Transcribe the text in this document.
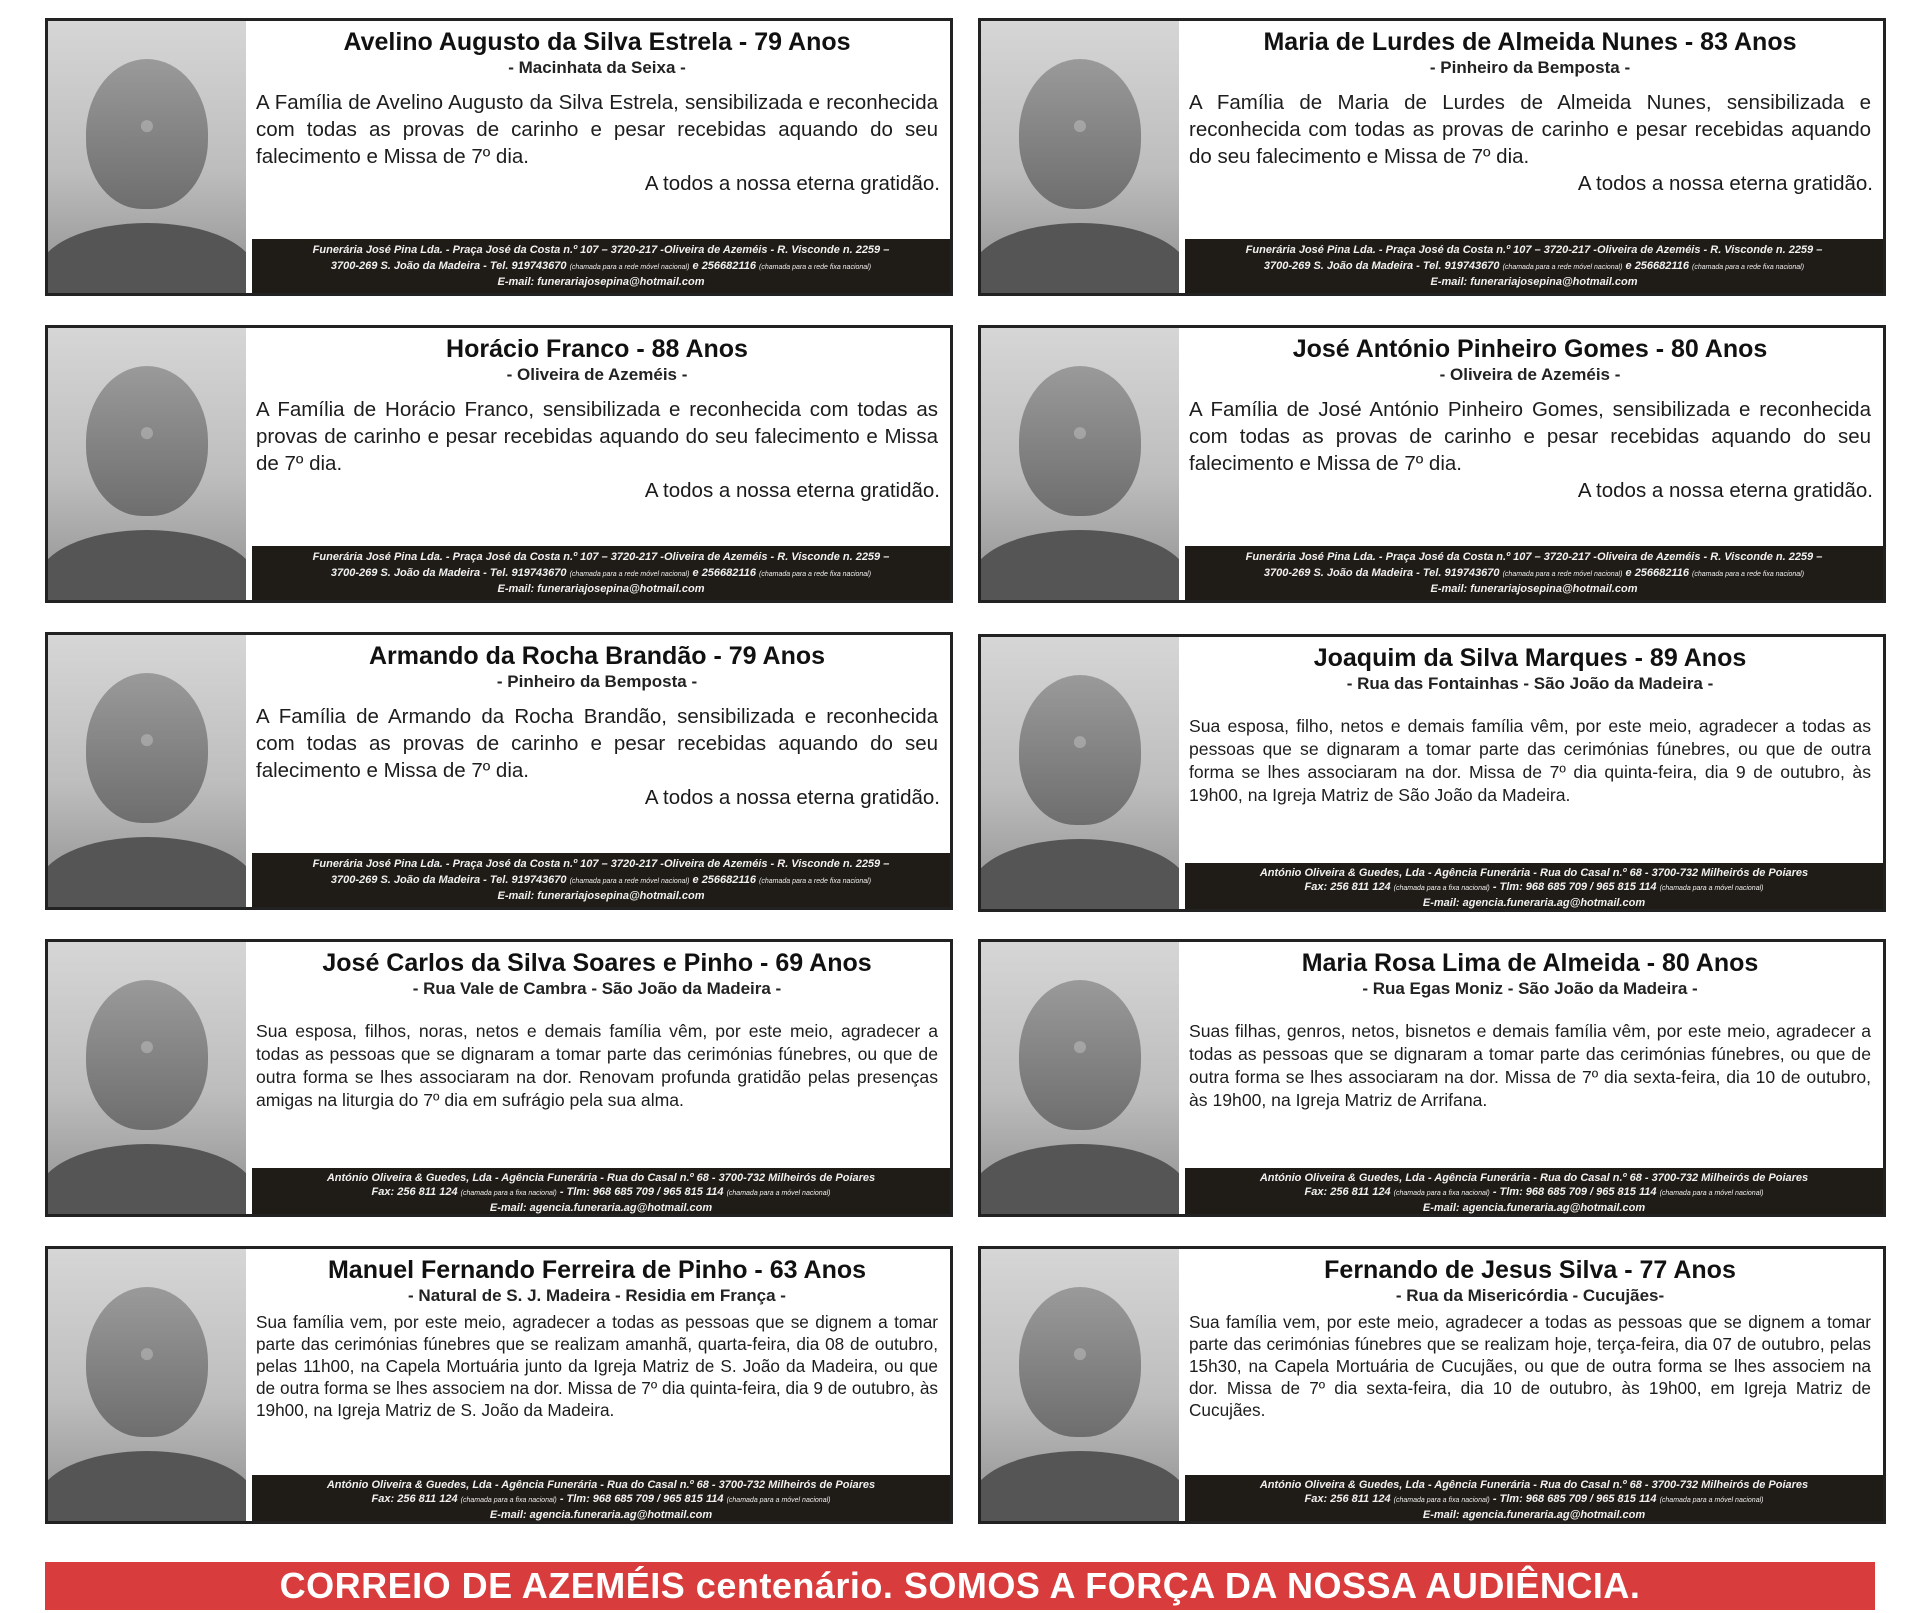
●
Avelino Augusto da Silva Estrela - 79 Anos
- Macinhata da Seixa -
A Família de Avelino Augusto da Silva Estrela, sensibilizada e reconhecida com todas as provas de carinho e pesar recebidas aquando do seu falecimento e Missa de 7º dia.
A todos a nossa eterna gratidão.
Funerária José Pina Lda. - Praça José da Costa n.º 107 – 3720-217 -Oliveira de Azeméis - R. Visconde n. 2259 –
3700-269 S. João da Madeira - Tel. 919743670 (chamada para a rede móvel nacional) e 256682116 (chamada para a rede fixa nacional)
E-mail: funerariajosepina@hotmail.com
●
Maria de Lurdes de Almeida Nunes - 83 Anos
- Pinheiro da Bemposta -
A Família de Maria de Lurdes de Almeida Nunes, sensibilizada e reconhecida com todas as provas de carinho e pesar recebidas aquando do seu falecimento e Missa de 7º dia.
A todos a nossa eterna gratidão.
Funerária José Pina Lda. - Praça José da Costa n.º 107 – 3720-217 -Oliveira de Azeméis - R. Visconde n. 2259 –
3700-269 S. João da Madeira - Tel. 919743670 (chamada para a rede móvel nacional) e 256682116 (chamada para a rede fixa nacional)
E-mail: funerariajosepina@hotmail.com
●
Horácio Franco - 88 Anos
- Oliveira de Azeméis -
A Família de Horácio Franco, sensibilizada e reconhecida com todas as provas de carinho e pesar recebidas aquando do seu falecimento e Missa de 7º dia.
A todos a nossa eterna gratidão.
Funerária José Pina Lda. - Praça José da Costa n.º 107 – 3720-217 -Oliveira de Azeméis - R. Visconde n. 2259 –
3700-269 S. João da Madeira - Tel. 919743670 (chamada para a rede móvel nacional) e 256682116 (chamada para a rede fixa nacional)
E-mail: funerariajosepina@hotmail.com
●
José António Pinheiro Gomes - 80 Anos
- Oliveira de Azeméis -
A Família de José António Pinheiro Gomes, sensibilizada e reconhecida com todas as provas de carinho e pesar recebidas aquando do seu falecimento e Missa de 7º dia.
A todos a nossa eterna gratidão.
Funerária José Pina Lda. - Praça José da Costa n.º 107 – 3720-217 -Oliveira de Azeméis - R. Visconde n. 2259 –
3700-269 S. João da Madeira - Tel. 919743670 (chamada para a rede móvel nacional) e 256682116 (chamada para a rede fixa nacional)
E-mail: funerariajosepina@hotmail.com
●
Armando da Rocha Brandão - 79 Anos
- Pinheiro da Bemposta -
A Família de Armando da Rocha Brandão, sensibilizada e reconhecida com todas as provas de carinho e pesar recebidas aquando do seu falecimento e Missa de 7º dia.
A todos a nossa eterna gratidão.
Funerária José Pina Lda. - Praça José da Costa n.º 107 – 3720-217 -Oliveira de Azeméis - R. Visconde n. 2259 –
3700-269 S. João da Madeira - Tel. 919743670 (chamada para a rede móvel nacional) e 256682116 (chamada para a rede fixa nacional)
E-mail: funerariajosepina@hotmail.com
●
Joaquim da Silva Marques - 89 Anos
- Rua das Fontainhas - São João da Madeira -
Sua esposa, filho, netos e demais família vêm, por este meio, agradecer a todas as pessoas que se dignaram a tomar parte das cerimónias fúnebres, ou que de outra forma se lhes associaram na dor. Missa de 7º dia quinta-feira, dia 9 de outubro, às 19h00, na Igreja Matriz de São João da Madeira.
António Oliveira & Guedes, Lda - Agência Funerária - Rua do Casal n.º 68 - 3700-732 Milheirós de Poiares
Fax: 256 811 124 (chamada para a fixa nacional) - Tlm: 968 685 709 / 965 815 114 (chamada para a móvel nacional)
E-mail: agencia.funeraria.ag@hotmail.com
●
José Carlos da Silva Soares e Pinho - 69 Anos
- Rua Vale de Cambra - São João da Madeira -
Sua esposa, filhos, noras, netos e demais família vêm, por este meio, agradecer a todas as pessoas que se dignaram a tomar parte das cerimónias fúnebres, ou que de outra forma se lhes associaram na dor. Renovam profunda gratidão pelas presenças amigas na liturgia do 7º dia em sufrágio pela sua alma.
António Oliveira & Guedes, Lda - Agência Funerária - Rua do Casal n.º 68 - 3700-732 Milheirós de Poiares
Fax: 256 811 124 (chamada para a fixa nacional) - Tlm: 968 685 709 / 965 815 114 (chamada para a móvel nacional)
E-mail: agencia.funeraria.ag@hotmail.com
●
Maria Rosa Lima de Almeida - 80 Anos
- Rua Egas Moniz - São João da Madeira -
Suas filhas, genros, netos, bisnetos e demais família vêm, por este meio, agradecer a todas as pessoas que se dignaram a tomar parte das cerimónias fúnebres, ou que de outra forma se lhes associaram na dor. Missa de 7º dia sexta-feira, dia 10 de outubro, às 19h00, na Igreja Matriz de Arrifana.
António Oliveira & Guedes, Lda - Agência Funerária - Rua do Casal n.º 68 - 3700-732 Milheirós de Poiares
Fax: 256 811 124 (chamada para a fixa nacional) - Tlm: 968 685 709 / 965 815 114 (chamada para a móvel nacional)
E-mail: agencia.funeraria.ag@hotmail.com
●
Manuel Fernando Ferreira de Pinho - 63 Anos
- Natural de S. J. Madeira - Residia em França -
Sua família vem, por este meio, agradecer a todas as pessoas que se dignem a tomar parte das cerimónias fúnebres que se realizam amanhã, quarta-feira, dia 08 de outubro, pelas 11h00, na Capela Mortuária junto da Igreja Matriz de S. João da Madeira, ou que de outra forma se lhes associem na dor. Missa de 7º dia quinta-feira, dia 9 de outubro, às 19h00, na Igreja Matriz de S. João da Madeira.
António Oliveira & Guedes, Lda - Agência Funerária - Rua do Casal n.º 68 - 3700-732 Milheirós de Poiares
Fax: 256 811 124 (chamada para a fixa nacional) - Tlm: 968 685 709 / 965 815 114 (chamada para a móvel nacional)
E-mail: agencia.funeraria.ag@hotmail.com
●
Fernando de Jesus Silva - 77 Anos
- Rua da Misericórdia - Cucujães-
Sua família vem, por este meio, agradecer a todas as pessoas que se dignem a tomar parte das cerimónias fúnebres que se realizam hoje, terça-feira, dia 07 de outubro, pelas 15h30, na Capela Mortuária de Cucujães, ou que de outra forma se lhes associem na dor. Missa de 7º dia sexta-feira, dia 10 de outubro, às 19h00, em Igreja Matriz de Cucujães.
António Oliveira & Guedes, Lda - Agência Funerária - Rua do Casal n.º 68 - 3700-732 Milheirós de Poiares
Fax: 256 811 124 (chamada para a fixa nacional) - Tlm: 968 685 709 / 965 815 114 (chamada para a móvel nacional)
E-mail: agencia.funeraria.ag@hotmail.com
CORREIO DE AZEMÉIS centenário. SOMOS A FORÇA DA NOSSA AUDIÊNCIA.
